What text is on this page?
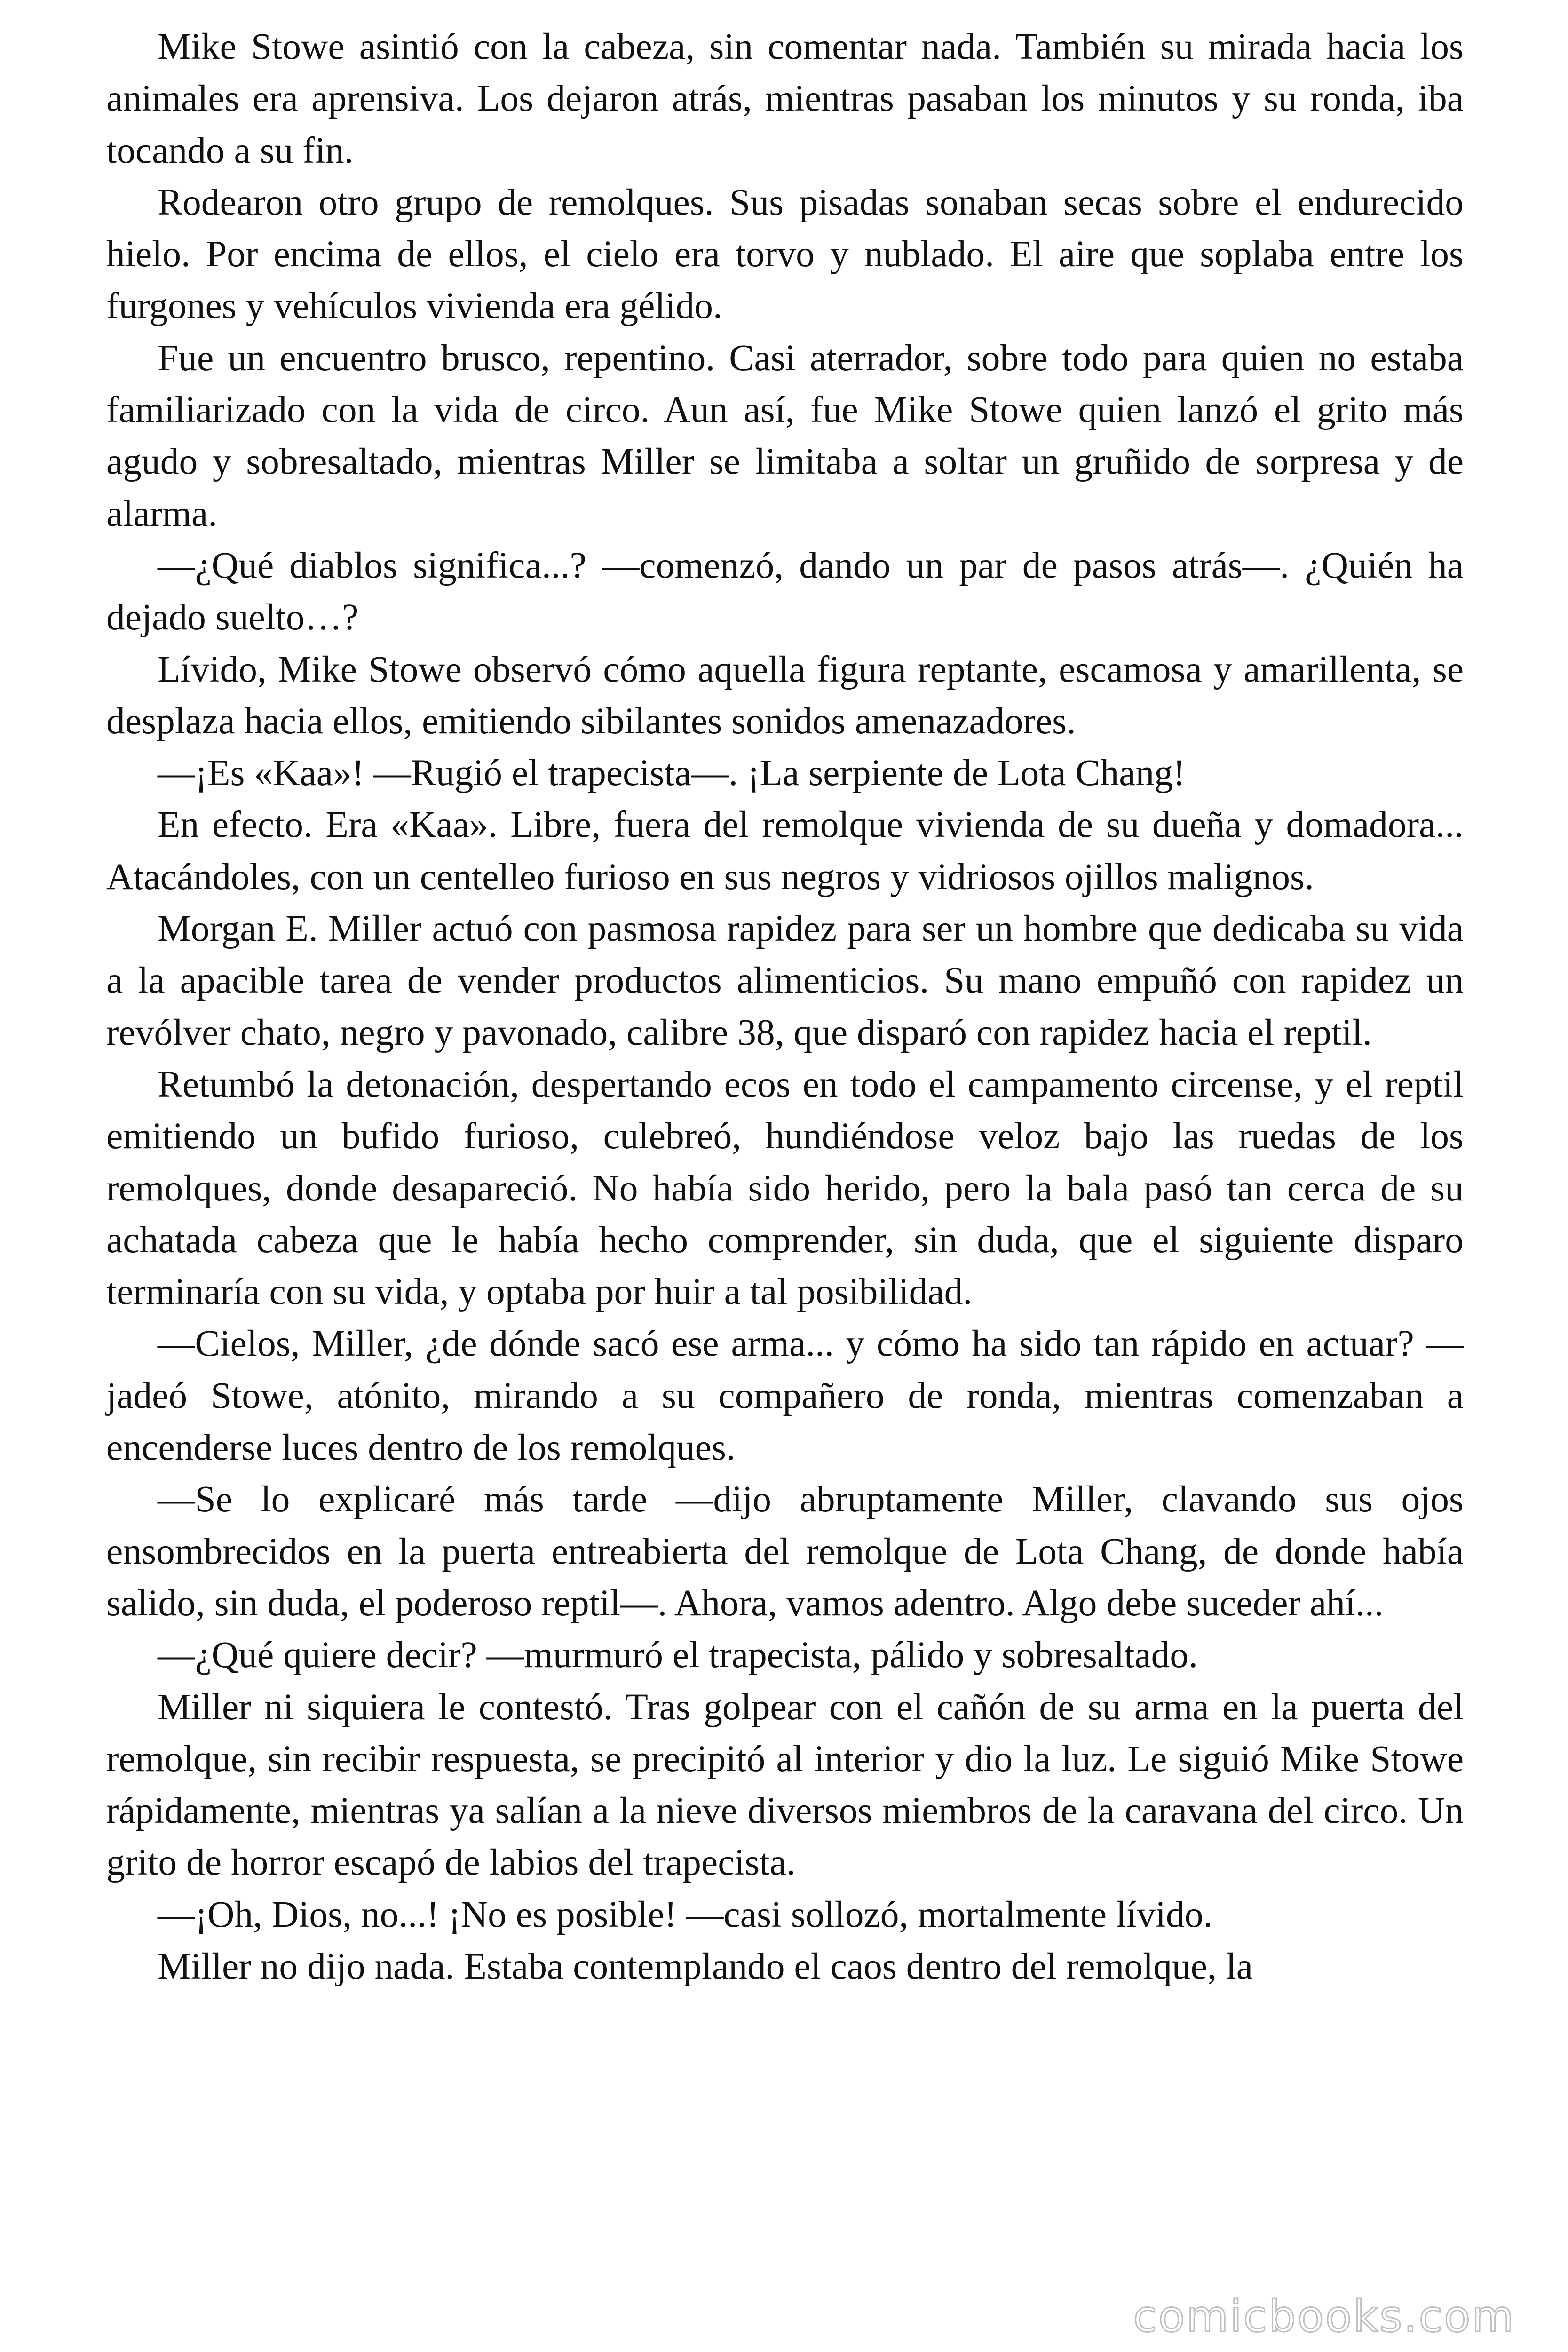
Mike Stowe asintió con la cabeza, sin comentar nada. También su mirada hacia los animales era aprensiva. Los dejaron atrás, mientras pasaban los minutos y su ronda, iba tocando a su fin.

Rodearon otro grupo de remolques. Sus pisadas sonaban secas sobre el endurecido hielo. Por encima de ellos, el cielo era torvo y nublado. El aire que soplaba entre los furgones y vehículos vivienda era gélido.

Fue un encuentro brusco, repentino. Casi aterrador, sobre todo para quien no estaba familiarizado con la vida de circo. Aun así, fue Mike Stowe quien lanzó el grito más agudo y sobresaltado, mientras Miller se limitaba a soltar un gruñido de sorpresa y de alarma.

—¿Qué diablos significa...? —comenzó, dando un par de pasos atrás—. ¿Quién ha dejado suelto…?

Lívido, Mike Stowe observó cómo aquella figura reptante, escamosa y amarillenta, se desplaza hacia ellos, emitiendo sibilantes sonidos amenazadores.

—¡Es «Kaa»! —Rugió el trapecista—. ¡La serpiente de Lota Chang!

En efecto. Era «Kaa». Libre, fuera del remolque vivienda de su dueña y domadora... Atacándoles, con un centelleo furioso en sus negros y vidriosos ojillos malignos.

Morgan E. Miller actuó con pasmosa rapidez para ser un hombre que dedicaba su vida a la apacible tarea de vender productos alimenticios. Su mano empuñó con rapidez un revólver chato, negro y pavonado, calibre 38, que disparó con rapidez hacia el reptil.

Retumbó la detonación, despertando ecos en todo el campamento circense, y el reptil emitiendo un bufido furioso, culebreó, hundiéndose veloz bajo las ruedas de los remolques, donde desapareció. No había sido herido, pero la bala pasó tan cerca de su achatada cabeza que le había hecho comprender, sin duda, que el siguiente disparo terminaría con su vida, y optaba por huir a tal posibilidad.

—Cielos, Miller, ¿de dónde sacó ese arma... y cómo ha sido tan rápido en actuar? —jadeó Stowe, atónito, mirando a su compañero de ronda, mientras comenzaban a encenderse luces dentro de los remolques.

—Se lo explicaré más tarde —dijo abruptamente Miller, clavando sus ojos ensombrecidos en la puerta entreabierta del remolque de Lota Chang, de donde había salido, sin duda, el poderoso reptil—. Ahora, vamos adentro. Algo debe suceder ahí...

—¿Qué quiere decir? —murmuró el trapecista, pálido y sobresaltado.

Miller ni siquiera le contestó. Tras golpear con el cañón de su arma en la puerta del remolque, sin recibir respuesta, se precipitó al interior y dio la luz. Le siguió Mike Stowe rápidamente, mientras ya salían a la nieve diversos miembros de la caravana del circo. Un grito de horror escapó de labios del trapecista.

—¡Oh, Dios, no...! ¡No es posible! —casi sollozó, mortalmente lívido.

Miller no dijo nada. Estaba contemplando el caos dentro del remolque, la

comicbooks.com
